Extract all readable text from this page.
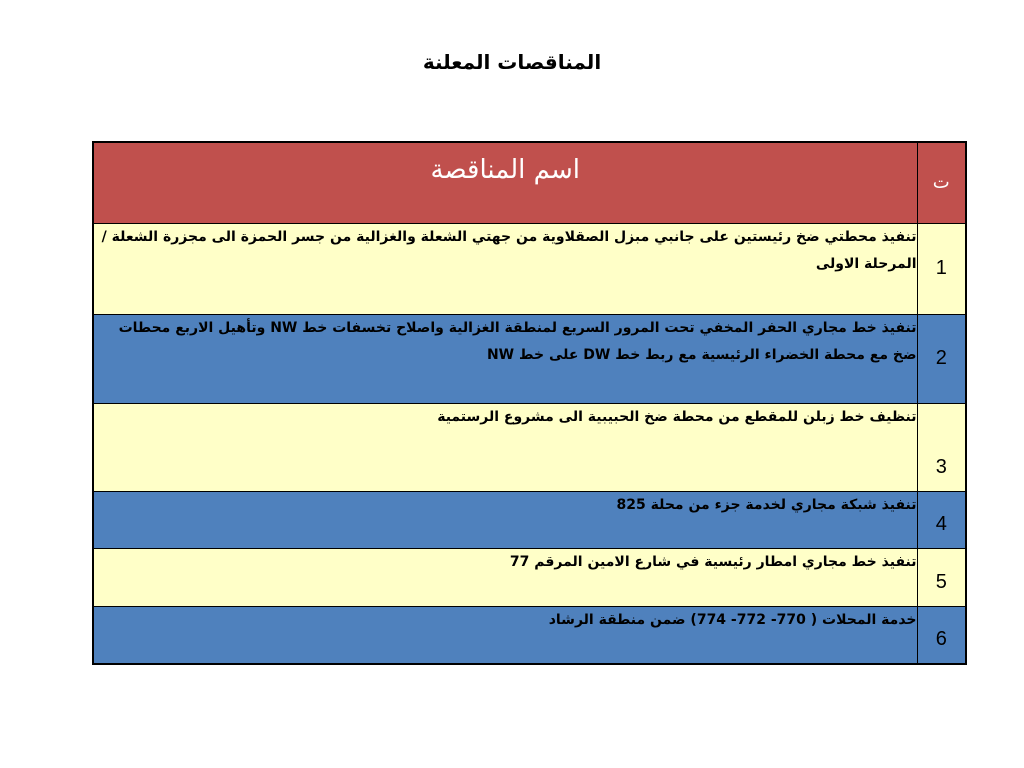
المناقصات المعلنة
ت	اسم المناقصة
1	تنفيذ محطتي ضخ رئيستين على جانبي مبزل الصقلاوية من جهتي الشعلة والغزالية من جسر الحمزة الى مجزرة الشعلة / المرحلة الاولى
2	تنفيذ خط مجاري الحفر المخفي تحت المرور السريع لمنطقة الغزالية واصلاح تخسفات خط NW وتأهيل الاربع محطات ضخ مع محطة الخضراء الرئيسية مع ربط خط DW على خط NW
3	تنظيف خط زبلن للمقطع من محطة ضخ الحبيبية الى مشروع الرستمية
4	تنفيذ شبكة مجاري لخدمة جزء من محلة 825
5	تنفيذ خط مجاري امطار رئيسية في شارع الامين المرقم 77
6	خدمة المحلات ( 770- 772- 774) ضمن منطقة الرشاد
